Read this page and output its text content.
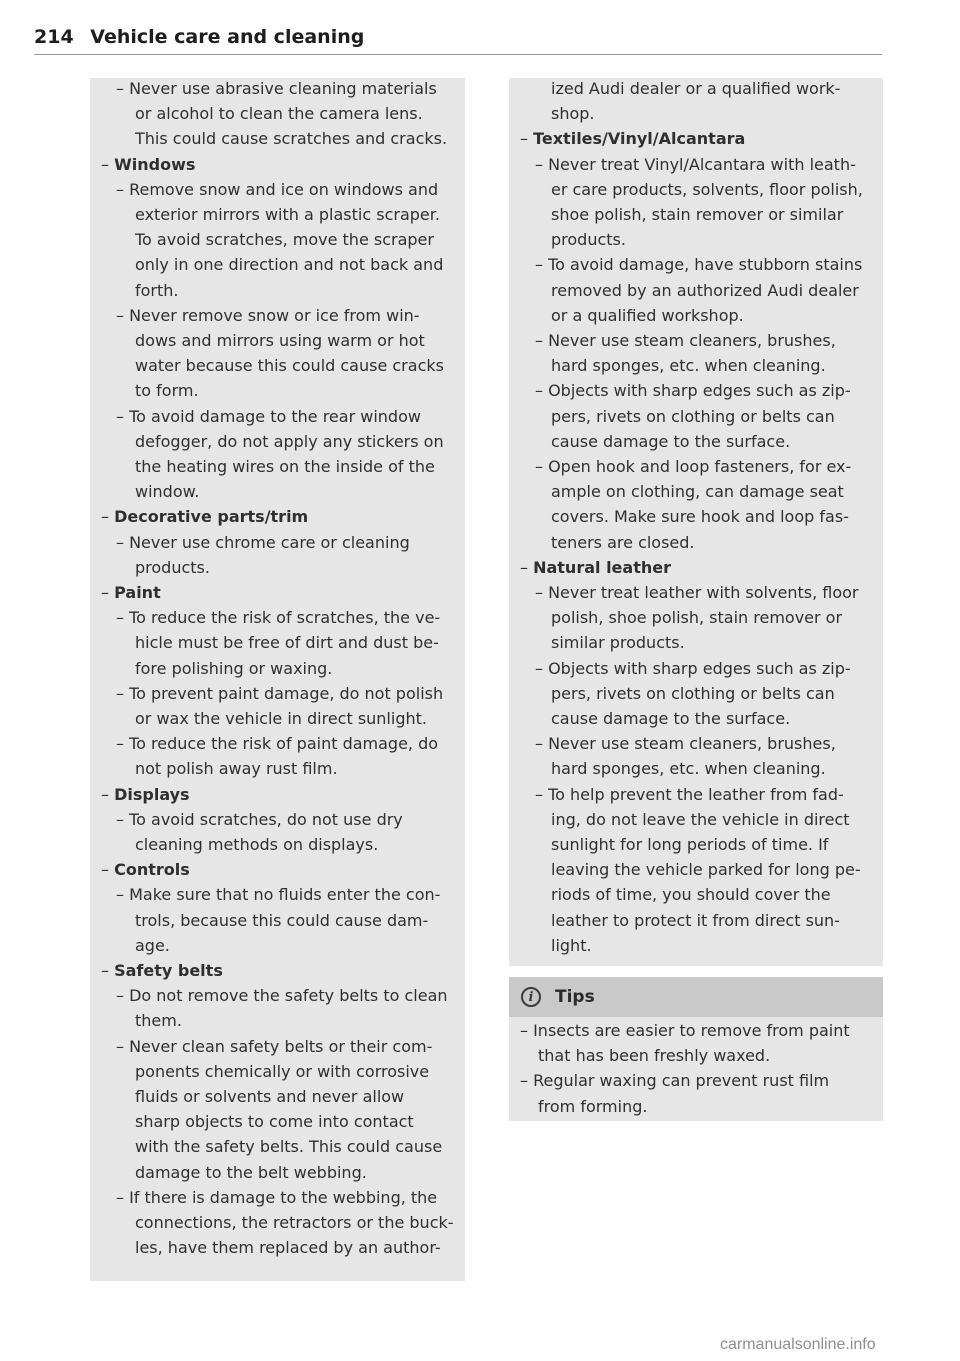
214 Vehicle care and cleaning
i	Tips
– Never use abrasive cleaning materials
or alcohol to clean the camera lens.
This could cause scratches and cracks.
– Windows
– Remove snow and ice on windows and
exterior mirrors with a plastic scraper.
To avoid scratches, move the scraper
only in one direction and not back and
forth.
– Never remove snow or ice from win-
dows and mirrors using warm or hot
water because this could cause cracks
to form.
– To avoid damage to the rear window
defogger, do not apply any stickers on
the heating wires on the inside of the
window.
– Decorative parts/trim
– Never use chrome care or cleaning
products.
– Paint
– To reduce the risk of scratches, the ve-
hicle must be free of dirt and dust be-
fore polishing or waxing.
– To prevent paint damage, do not polish
or wax the vehicle in direct sunlight.
– To reduce the risk of paint damage, do
not polish away rust film.
– Displays
– To avoid scratches, do not use dry
cleaning methods on displays.
– Controls
– Make sure that no fluids enter the con-
trols, because this could cause dam-
age.
– Safety belts
– Do not remove the safety belts to clean
them.
– Never clean safety belts or their com-
ponents chemically or with corrosive
fluids or solvents and never allow
sharp objects to come into contact
with the safety belts. This could cause
damage to the belt webbing.
– If there is damage to the webbing, the
connections, the retractors or the buck-
les, have them replaced by an author-
ized Audi dealer or a qualified work-
shop.
– Textiles/Vinyl/Alcantara
– Never treat Vinyl/Alcantara with leath-
er care products, solvents, floor polish,
shoe polish, stain remover or similar
products.
– To avoid damage, have stubborn stains
removed by an authorized Audi dealer
or a qualified workshop.
– Never use steam cleaners, brushes,
hard sponges, etc. when cleaning.
– Objects with sharp edges such as zip-
pers, rivets on clothing or belts can
cause damage to the surface.
– Open hook and loop fasteners, for ex-
ample on clothing, can damage seat
covers. Make sure hook and loop fas-
teners are closed.
– Natural leather
– Never treat leather with solvents, floor
polish, shoe polish, stain remover or
similar products.
– Objects with sharp edges such as zip-
pers, rivets on clothing or belts can
cause damage to the surface.
– Never use steam cleaners, brushes,
hard sponges, etc. when cleaning.
– To help prevent the leather from fad-
ing, do not leave the vehicle in direct
sunlight for long periods of time. If
leaving the vehicle parked for long pe-
riods of time, you should cover the
leather to protect it from direct sun-
light.
– Insects are easier to remove from paint
that has been freshly waxed.
– Regular waxing can prevent rust film
from forming.
carmanualsonline.info
